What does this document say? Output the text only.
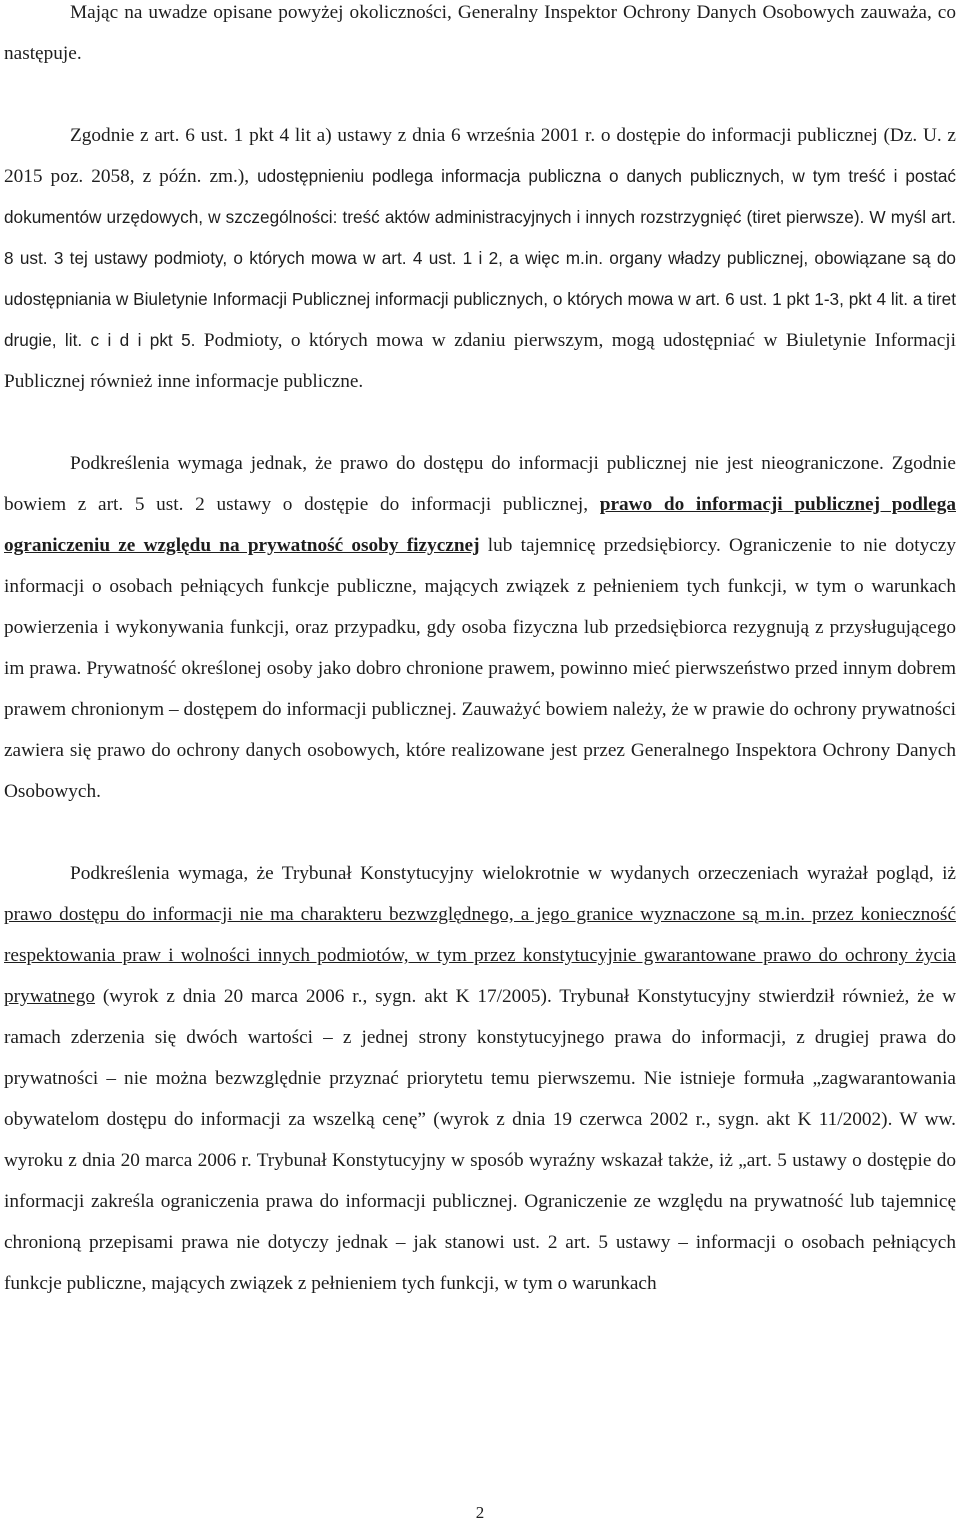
Mając na uwadze opisane powyżej okoliczności, Generalny Inspektor Ochrony Danych Osobowych zauważa, co następuje.

Zgodnie z art. 6 ust. 1 pkt 4 lit a) ustawy z dnia 6 września 2001 r. o dostępie do informacji publicznej (Dz. U. z 2015 poz. 2058, z późn. zm.), udostępnieniu podlega informacja publiczna o danych publicznych, w tym treść i postać dokumentów urzędowych, w szczególności: treść aktów administracyjnych i innych rozstrzygnięć (tiret pierwsze). W myśl art. 8 ust. 3 tej ustawy podmioty, o których mowa w art. 4 ust. 1 i 2, a więc m.in. organy władzy publicznej, obowiązane są do udostępniania w Biuletynie Informacji Publicznej informacji publicznych, o których mowa w art. 6 ust. 1 pkt 1-3, pkt 4 lit. a tiret drugie, lit. c i d i pkt 5. Podmioty, o których mowa w zdaniu pierwszym, mogą udostępniać w Biuletynie Informacji Publicznej również inne informacje publiczne.

Podkreślenia wymaga jednak, że prawo do dostępu do informacji publicznej nie jest nieograniczone. Zgodnie bowiem z art. 5 ust. 2 ustawy o dostępie do informacji publicznej, prawo do informacji publicznej podlega ograniczeniu ze względu na prywatność osoby fizycznej lub tajemnicę przedsiębiorcy. Ograniczenie to nie dotyczy informacji o osobach pełniących funkcje publiczne, mających związek z pełnieniem tych funkcji, w tym o warunkach powierzenia i wykonywania funkcji, oraz przypadku, gdy osoba fizyczna lub przedsiębiorca rezygnują z przysługującego im prawa. Prywatność określonej osoby jako dobro chronione prawem, powinno mieć pierwszeństwo przed innym dobrem prawem chronionym – dostępem do informacji publicznej. Zauważyć bowiem należy, że w prawie do ochrony prywatności zawiera się prawo do ochrony danych osobowych, które realizowane jest przez Generalnego Inspektora Ochrony Danych Osobowych.

Podkreślenia wymaga, że Trybunał Konstytucyjny wielokrotnie w wydanych orzeczeniach wyrażał pogląd, iż prawo dostępu do informacji nie ma charakteru bezwzględnego, a jego granice wyznaczone są m.in. przez konieczność respektowania praw i wolności innych podmiotów, w tym przez konstytucyjnie gwarantowane prawo do ochrony życia prywatnego (wyrok z dnia 20 marca 2006 r., sygn. akt K 17/2005). Trybunał Konstytucyjny stwierdził również, że w ramach zderzenia się dwóch wartości – z jednej strony konstytucyjnego prawa do informacji, z drugiej prawa do prywatności – nie można bezwzględnie przyznać priorytetu temu pierwszemu. Nie istnieje formuła „zagwarantowania obywatelom dostępu do informacji za wszelką cenę” (wyrok z dnia 19 czerwca 2002 r., sygn. akt K 11/2002). W ww. wyroku z dnia 20 marca 2006 r. Trybunał Konstytucyjny w sposób wyraźny wskazał także, iż „art. 5 ustawy o dostępie do informacji zakreśla ograniczenia prawa do informacji publicznej. Ograniczenie ze względu na prywatność lub tajemnicę chronioną przepisami prawa nie dotyczy jednak – jak stanowi ust. 2 art. 5 ustawy – informacji o osobach pełniących funkcje publiczne, mających związek z pełnieniem tych funkcji, w tym o warunkach

2
